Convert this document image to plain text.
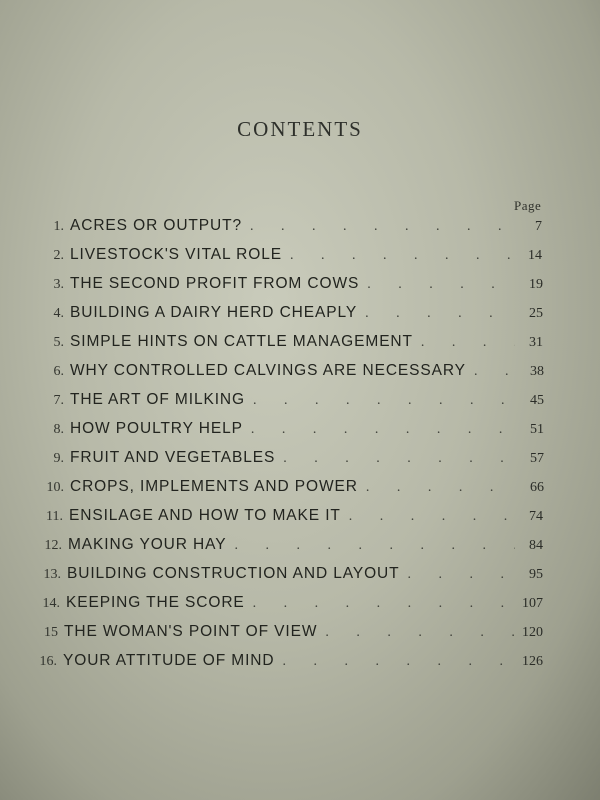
CONTENTS
Page
1. ACRES OR OUTPUT? . . .	7
2. LIVESTOCK'S VITAL ROLE . . .	14
3. THE SECOND PROFIT FROM COWS . . .	19
4. BUILDING A DAIRY HERD CHEAPLY . . .	25
5. SIMPLE HINTS ON CATTLE MANAGEMENT . . .	31
6. WHY CONTROLLED CALVINGS ARE NECESSARY . . .	38
7. THE ART OF MILKING . . .	45
8. HOW POULTRY HELP . . .	51
9. FRUIT AND VEGETABLES . . .	57
10. CROPS, IMPLEMENTS AND POWER . . .	66
11. ENSILAGE AND HOW TO MAKE IT . . .	74
12. MAKING YOUR HAY . . .	84
13. BUILDING CONSTRUCTION AND LAYOUT . . .	95
14. KEEPING THE SCORE . . .	107
15 THE WOMAN'S POINT OF VIEW . . .	120
16. YOUR ATTITUDE OF MIND . . .	126
